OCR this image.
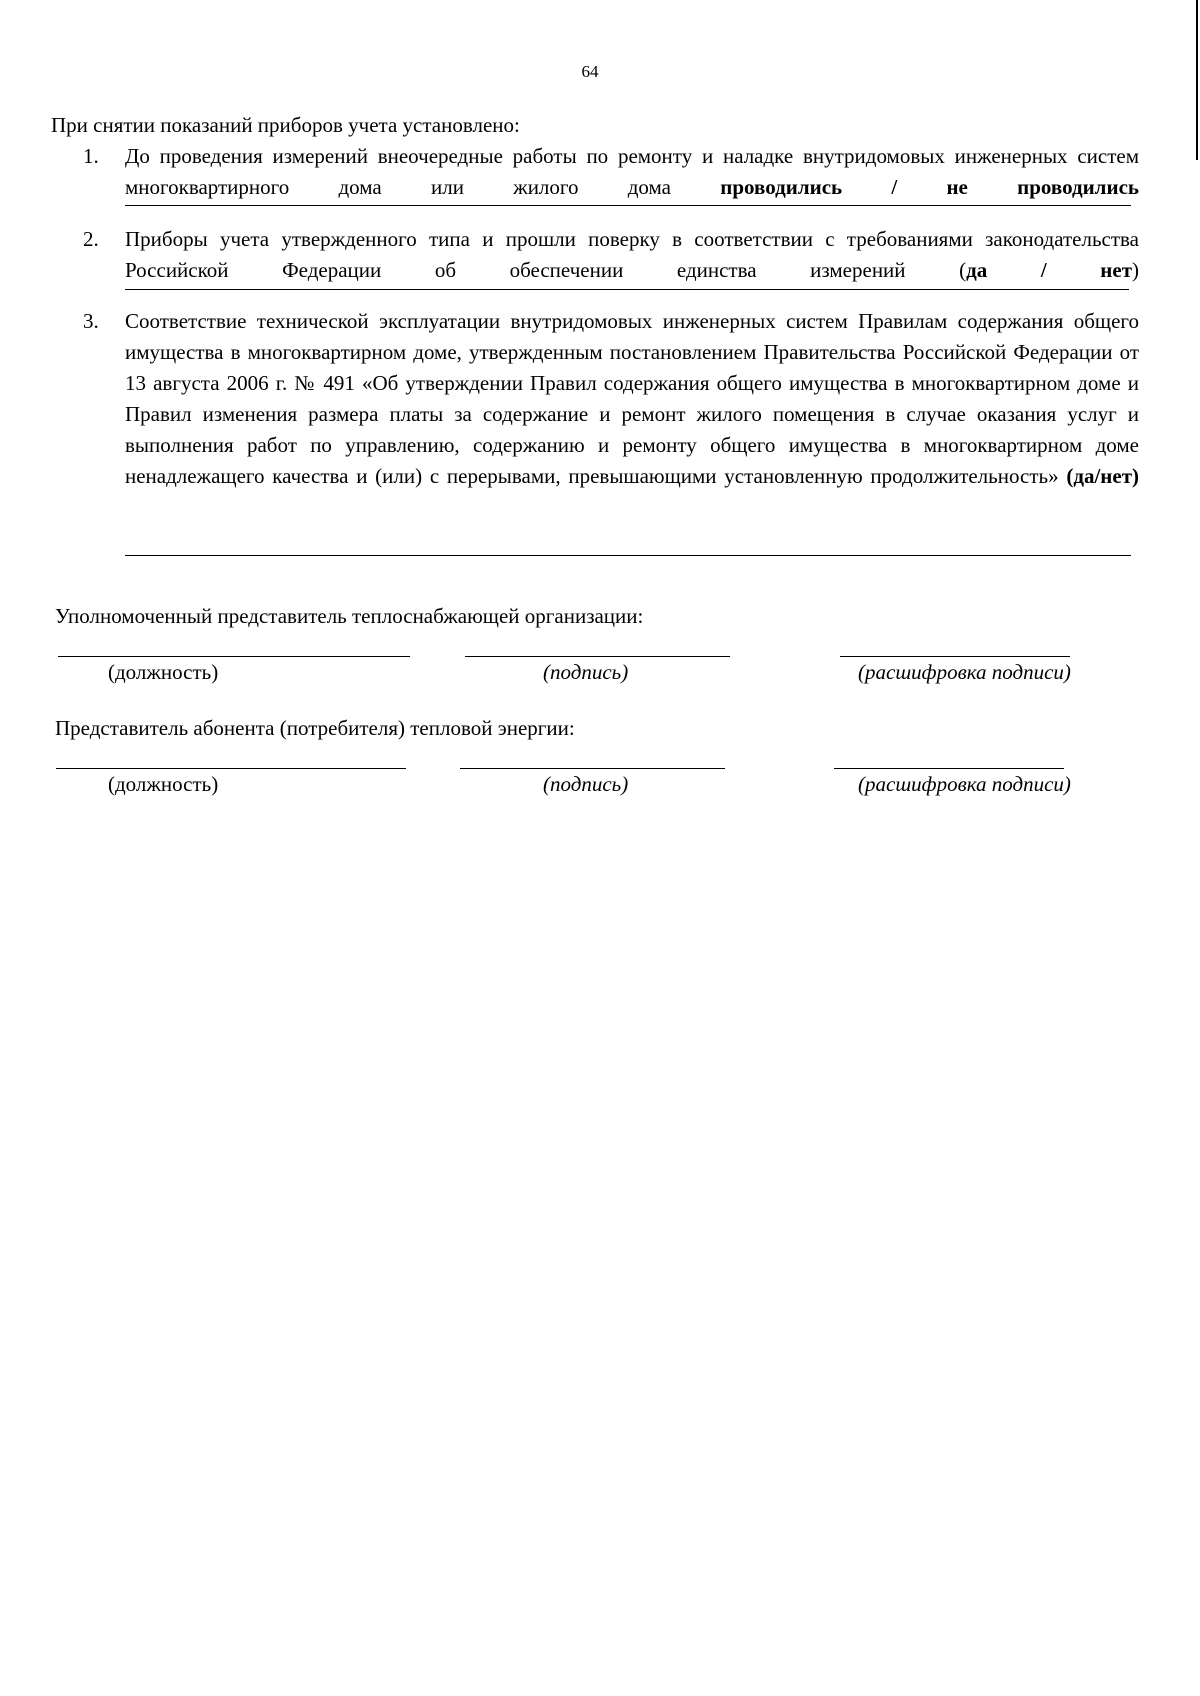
64
При снятии показаний приборов учета установлено:
1. До проведения измерений внеочередные работы по ремонту и наладке внутридомовых инженерных систем многоквартирного дома или жилого дома проводились / не проводились
2. Приборы учета утвержденного типа и прошли поверку в соответствии с требованиями законодательства Российской Федерации об обеспечении единства измерений	(да / нет)
3. Соответствие технической эксплуатации внутридомовых инженерных систем Правилам содержания общего имущества в многоквартирном доме, утвержденным постановлением Правительства Российской Федерации от 13 августа 2006 г. № 491 «Об утверждении Правил содержания общего имущества в многоквартирном доме и Правил изменения размера платы за содержание и ремонт жилого помещения в случае оказания услуг и выполнения работ по управлению, содержанию и ремонту общего имущества в многоквартирном доме ненадлежащего качества и (или) с перерывами, превышающими установленную продолжительность» (да/нет)
Уполномоченный представитель теплоснабжающей организации:
(должность)	(подпись)	(расшифровка подписи)
Представитель абонента (потребителя) тепловой энергии:
(должность)	(подпись)	(расшифровка подписи)
